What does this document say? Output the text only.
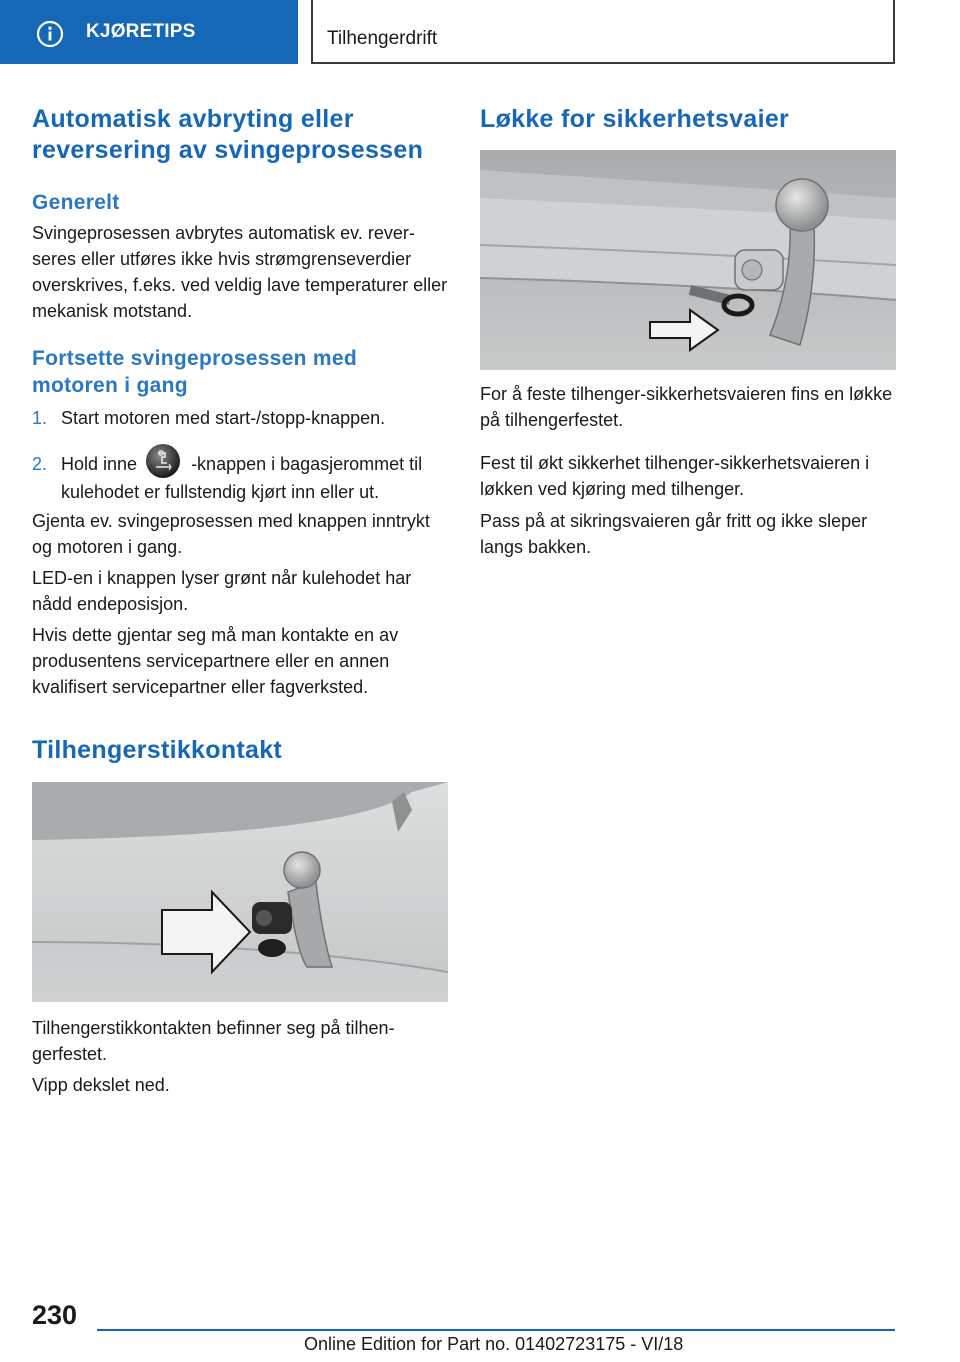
KJØRETIPS	Tilhengerdrift
Automatisk avbryting eller reversering av svingeprosessen
Generelt

Svingeprosessen avbrytes automatisk ev. reverseres eller utføres ikke hvis strømgrenseverdier overskrives, f.eks. ved veldig lave temperaturer eller mekanisk motstand.

Fortsette svingeprosessen med motoren i gang
1. Start motoren med start-/stopp-knappen.
2. Hold inne	-knappen i bagasjerommet til kulehodet er fullstendig kjørt inn eller ut.

Gjenta ev. svingeprosessen med knappen inntrykt og motoren i gang.

LED-en i knappen lyser grønt når kulehodet har nådd endeposisjon.

Hvis dette gjentar seg må man kontakte en av produsentens servicepartnere eller en annen kvalifisert servicepartner eller fagverksted.

Tilhengerstikkontakt

Tilhengerstikkontakten befinner seg på tilhengerfestet.

Vipp dekslet ned.

Løkke for sikkerhetsvaier

For å feste tilhenger-sikkerhetsvaieren fins en løkke på tilhengerfestet.

Fest til økt sikkerhet tilhenger-sikkerhetsvaieren i løkken ved kjøring med tilhenger.

Pass på at sikringsvaieren går fritt og ikke sleper langs bakken.

230
Online Edition for Part no. 01402723175 - VI/18
